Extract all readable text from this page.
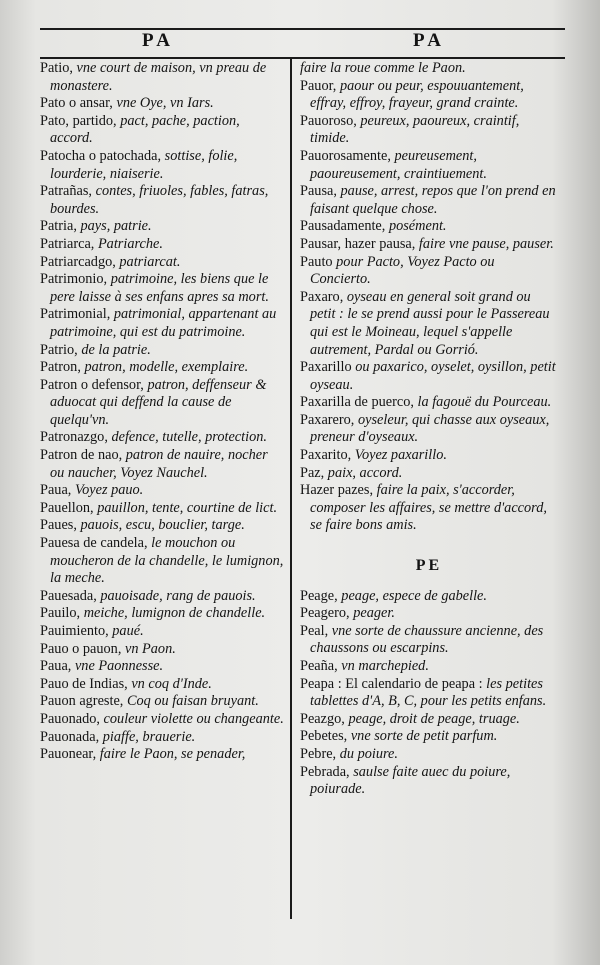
PA	PA
Patio, vne court de maison, vn preau de monastere.
Pato o ansar, vne Oye, vn Iars.
Pato, partido, pact, pache, paction, accord.
Patocha o patochada, sottise, folie, lourderie, niaiserie.
Patrañas, contes, friuoles, fables, fatras, bourdes.
Patria, pays, patrie.
Patriarca, Patriarche.
Patriarcadgo, patriarcat.
Patrimonio, patrimoine, les biens que le pere laisse à ses enfans apres sa mort.
Patrimonial, patrimonial, appartenant au patrimoine, qui est du patrimoine.
Patrio, de la patrie.
Patron, patron, modelle, exemplaire.
Patron o defensor, patron, deffenseur & aduocat qui deffend la cause de quelqu'vn.
Patronazgo, defence, tutelle, protection.
Patron de nao, patron de nauire, nocher ou naucher, Voyez Nauchel.
Paua, Voyez pauo.
Pauellon, pauillon, tente, courtine de lict.
Paues, pauois, escu, bouclier, targe.
Pauesa de candela, le mouchon ou moucheron de la chandelle, le lumignon, la meche.
Pauesada, pauoisade, rang de pauois.
Pauilo, meiche, lumignon de chandelle.
Pauimiento, paué.
Pauo o pauon, vn Paon.
Paua, vne Paonnesse.
Pauo de Indias, vn coq d'Inde.
Pauon agreste, Coq ou faisan bruyant.
Pauonado, couleur violette ou changeante.
Pauonada, piaffe, brauerie.
Pauonear, faire le Paon, se penader,
faire la roue comme le Paon.
Pauor, paour ou peur, espouuantement, effray, effroy, frayeur, grand crainte.
Pauoroso, peureux, paoureux, craintif, timide.
Pauorosamente, peureusement, paoureusement, craintiuement.
Pausa, pause, arrest, repos que l'on prend en faisant quelque chose.
Pausadamente, posément.
Pausar, hazer pausa, faire vne pause, pauser.
Pauto pour Pacto, Voyez Pacto ou Concierto.
Paxaro, oyseau en general soit grand ou petit : le se prend aussi pour le Passereau qui est le Moineau, lequel s'appelle autrement, Pardal ou Gorrió.
Paxarillo ou paxarico, oyselet, oysillon, petit oyseau.
Paxarilla de puerco, la fagouë du Pourceau.
Paxarero, oyseleur, qui chasse aux oyseaux, preneur d'oyseaux.
Paxarito, Voyez paxarillo.
Paz, paix, accord.
Hazer pazes, faire la paix, s'accorder, composer les affaires, se mettre d'accord, se faire bons amis.
PE
Peage, peage, espece de gabelle.
Peagero, peager.
Peal, vne sorte de chaussure ancienne, des chaussons ou escarpins.
Peaña, vn marchepied.
Peapa : El calendario de peapa : les petites tablettes d'A, B, C, pour les petits enfans.
Peazgo, peage, droit de peage, truage.
Pebetes, vne sorte de petit parfum.
Pebre, du poiure.
Pebrada, saulse faite auec du poiure, poiurade.
